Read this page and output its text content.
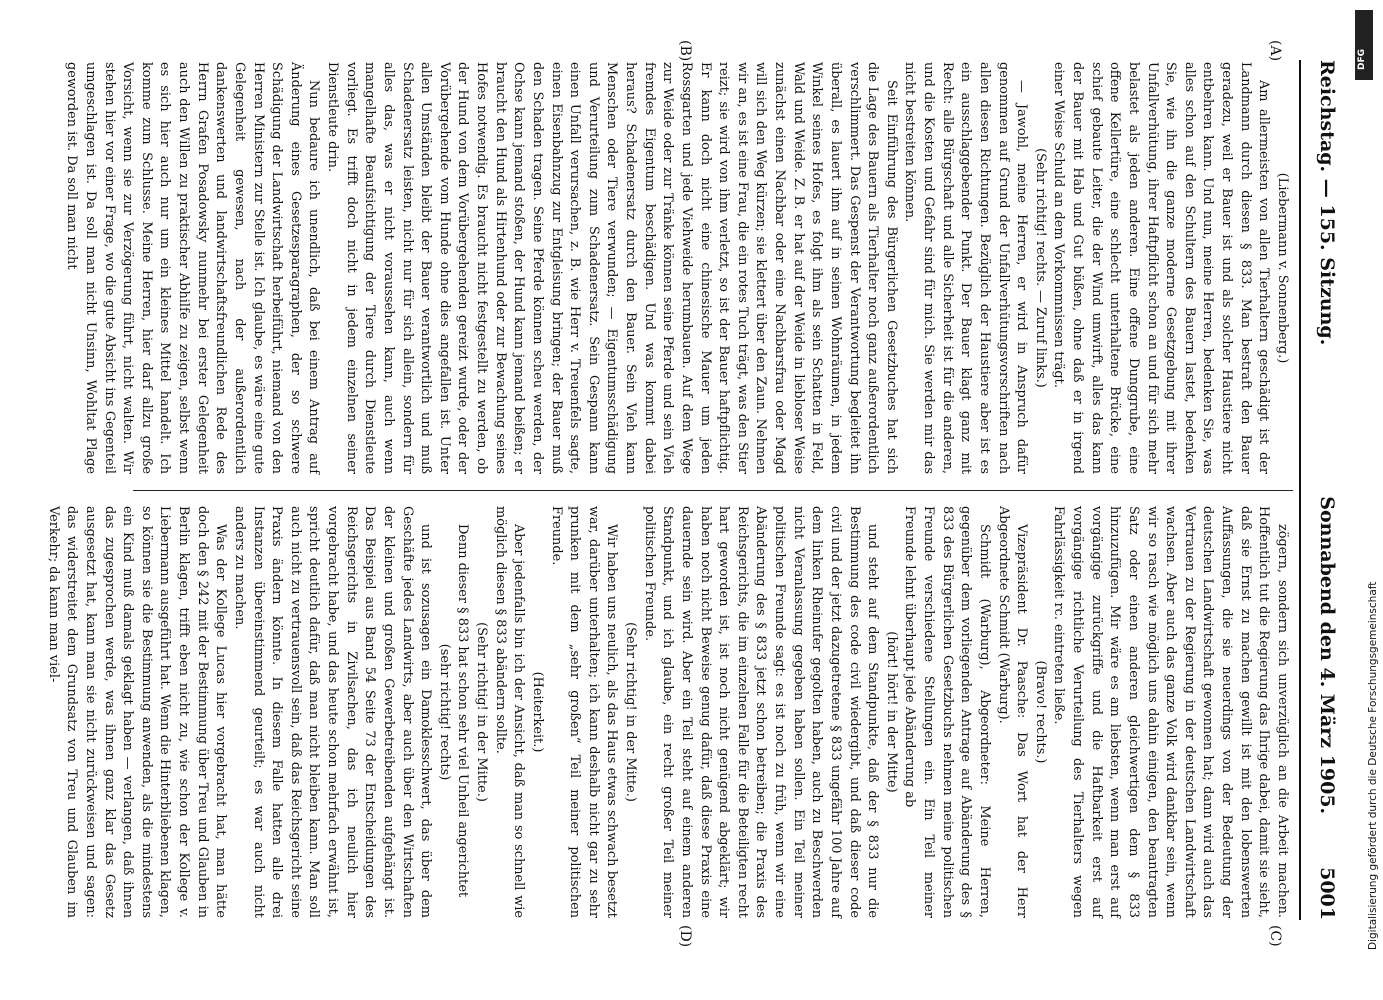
Reichstag. — 155. Sitzung.
Sonnabend den 4. März 1905.        5001
(A)
(B)
(C)
(D)

(Liebermann v. Sonnenberg.)

Am allermeisten von allen Tierhaltern geschädigt ist der Landmann durch diesen § 833. Man bestraft den Bauer geradezu, weil er Bauer ist und als solcher Haustiere nicht entbehren kann. Und nun, meine Herren, bedenken Sie, was alles schon auf den Schultern des Bauern lastet, bedenken Sie, wie ihn die ganze moderne Gesetzgebung mit ihrer Unfallverhütung, ihrer Haftpflicht schon an und für sich mehr belastet als jeden anderen. Eine offene Dunggrube, eine offene Kellertüre, eine schlecht unterhaltene Brücke, eine schief gebaute Leiter, die der Wind umwirft, alles das kann der Bauer mit Hab und Gut büßen, ohne daß er in irgend einer Weise Schuld an dem Vorkommnissen trägt.

(Sehr richtig! rechts. — Zuruf links.)

— Jawohl, meine Herren, er wird in Anspruch dafür genommen auf Grund der Unfallverhütungsvorschriften nach allen diesen Richtungen. Bezüglich der Haustiere aber ist es ein ausschlaggebender Punkt. Der Bauer klagt ganz mit Recht: alle Bürgschaft und alle Sicherheit ist für die anderen, und die Kosten und Gefahr sind für mich. Sie werden mir das nicht bestreiten können.

Seit Einführung des Bürgerlichen Gesetzbuches hat sich die Lage des Bauern als Tierhalter noch ganz außerordentlich verschlimmert. Das Gespenst der Verantwortung begleitet ihn überall, es lauert ihm auf in seinen Wohnräumen, in jedem Winkel seines Hofes, es folgt ihm als sein Schatten in Feld, Wald und Weide. Z. B. er hat auf der Weide in liebloser Weise zunächst einen Nachbar oder eine Nachbarsfrau oder Magd will sich den Weg kürzen; sie klettert über den Zaun. Nehmen wir an, es ist eine Frau, die ein rotes Tuch trägt, was den Stier reizt; sie wird von ihm verletzt, so ist der Bauer haftpflichtig. Er kann doch nicht eine chinesische Mauer um jeden Rossgarten und jede Viehweide herumbauen. Auf dem Wege zur Weide oder zur Tränke können seine Pferde und sein Vieh fremdes Eigentum beschädigen. Und was kommt dabei heraus? Schadenersatz durch den Bauer. Sein Vieh kann Menschen oder Tiere verwunden; — Eigentumsschädigung und Verurteilung zum Schadenersatz. Sein Gespann kann einen Unfall verursachen, z. B. wie Herr v. Treuenfels sagte, einen Eisenbahnzug zur Entgleisung bringen; der Bauer muß den Schaden tragen. Seine Pferde können scheu werden, der Ochse kann jemand stoßen, der Hund kann jemand beißen; er braucht den Hund als Hirtenhund oder zur Bewachung seines Hofes notwendig. Es braucht nicht festgestellt zu werden, ob der Hund von dem Vorübergehenden gereizt wurde, oder der Vorübergehende vom Hunde ohne dies angefallen ist. Unter allen Umständen bleibt der Bauer verantwortlich und muß Schadenersatz leisten, nicht nur für sich allein, sondern für alles das, was er nicht voraussehen kann, auch wenn mangelhafte Beaufsichtigung der Tiere durch Dienstleute vorliegt. Es trifft doch nicht in jedem einzelnen seiner Dienstleute drin.

Nun bedaure ich unendlich, daß bei einem Antrag auf Änderung eines Gesetzesparagraphen, der so schwere Schädigung der Landwirtschaft herbeiführt, niemand von den Herren Ministern zur Stelle ist. Ich glaube, es wäre eine gute Gelegenheit gewesen, nach der außerordentlich dankenswerten und landwirtschaftsfreundlichen Rede des Herrn Grafen Posadowsky nunmehr bei erster Gelegenheit auch den Willen zu praktischer Abhilfe zu zeigen, selbst wenn es sich hier auch nur um ein kleines Mittel handelt. Ich komme zum Schlusse. Meine Herren, hier darf allzu große Vorsicht, wenn sie zur Verzögerung führt, nicht walten. Wir stehen hier vor einer Frage, wo die gute Absicht ins Gegenteil umgeschlagen ist. Da soll man nicht Unsinn, Wohltat Plage geworden ist. Da soll man nicht

zögern, sondern sich unverzüglich an die Arbeit machen. Hoffentlich tut die Regierung das Ihrige dabei, damit sie sieht, daß sie Ernst zu machen gewillt ist mit den lobenswerten Auffassungen, die sie neuerdings von der Bedeutung der deutschen Landwirtschaft gewonnen hat; dann wird auch das Vertrauen zu der Regierung in der deutschen Landwirtschaft wachsen. Aber auch das ganze Volk wird dankbar sein, wenn wir so rasch wie möglich uns dahin einigen, den beantragten Satz oder einen anderen gleichwertigen dem § 833 hinzuzufügen. Mir wäre es am liebsten, wenn man erst auf vorgängige zurückgriffe und die Haftbarkeit erst auf vorgängige richtliche Verurteilung des Tierhalters wegen Fahrlässigkeit rc. eintreten ließe.

(Bravo! rechts.)

Vizepräsident Dr. Paasche: Das Wort hat der Herr Abgeordnete Schmidt (Warburg).

Schmidt (Warburg), Abgeordneter: Meine Herren, gegenüber dem vorliegenden Antrage auf Abänderung des § 833 des Bürgerlichen Gesetzbuchs nehmen meine politischen Freunde verschiedene Stellungen ein. Ein Teil meiner Freunde lehnt überhaupt jede Abänderung ab

(hört! hört! in der Mitte)

und steht auf dem Standpunkte, daß der § 833 nur die Bestimmung des code civil wiedergibt, und daß dieser code civil und der jetzt dazugetretene § 833 ungefähr 100 Jahre auf dem linken Rheinufer gegolten haben, auch zu Beschwerden nicht Veranlassung gegeben haben sollen. Ein Teil meiner politischen Freunde sagt: es ist noch zu früh, wenn wir eine Abänderung des § 833 jetzt schon betreiben; die Praxis des Reichsgerichts, die im einzelnen Falle für die Beteiligten recht hart geworden ist, ist noch nicht genügend abgeklärt; wir haben noch nicht Beweise genug dafür, daß diese Praxis eine dauernde sein wird. Aber ein Teil steht auf einem anderen Standpunkt, und ich glaube, ein recht großer Teil meiner politischen Freunde.

(Sehr richtig! in der Mitte.)

Wir haben uns neulich, als das Haus etwas schwach besetzt war, darüber unterhalten; ich kann deshalb nicht gar zu sehr prunken mit dem „sehr großen“ Teil meiner politischen Freunde.

(Heiterkeit.)

Aber jedenfalls bin ich der Ansicht, daß man so schnell wie möglich diesen § 833 abändern sollte.

(Sehr richtig! in der Mitte.)

Denn dieser § 833 hat schon sehr viel Unheil angerichtet

(sehr richtig! rechts)

und ist sozusagen ein Damoklesschwert, das über dem Geschäfte jedes Landwirts, aber auch über den Wirtschaften der kleinen und großen Gewerbetreibenden aufgehängt ist. Das Beispiel aus Band 54 Seite 73 der Entscheidungen des Reichsgerichts in Zivilsachen, das ich neulich hier vorgebracht habe, und das heute schon mehrfach erwähnt ist, spricht deutlich dafür, daß man nicht bleiben kann. Man soll auch nicht zu vertrauensvoll sein, daß das Reichsgericht seine Praxis ändern könnte. In diesem Falle hatten alle drei Instanzen übereinstimmend geurteilt; es war auch nicht anders zu machen.

Was der Kollege Lucas hier vorgebracht hat, man hätte doch den § 242 mit der Bestimmung über Treu und Glauben in Berlin klagen, trifft eben nicht zu, wie schon der Kollege v. Liebermann ausgeführt hat. Wenn die Hinterbliebenen klagen, so können sie die Bestimmung anwenden, als die mindestens ein Kind muß damals geklagt haben — verlangen, daß ihnen das zugesprochen werde, was ihnen ganz klar das Gesetz ausgesetzt hat, kann man sie nicht zurückweisen und sagen: das widerstreitet dem Grundsatz von Treu und Glauben im Verkehr; da kann man viel-

DFG
Digitalisierung gefördert durch die Deutsche Forschungsgemeinschaft
